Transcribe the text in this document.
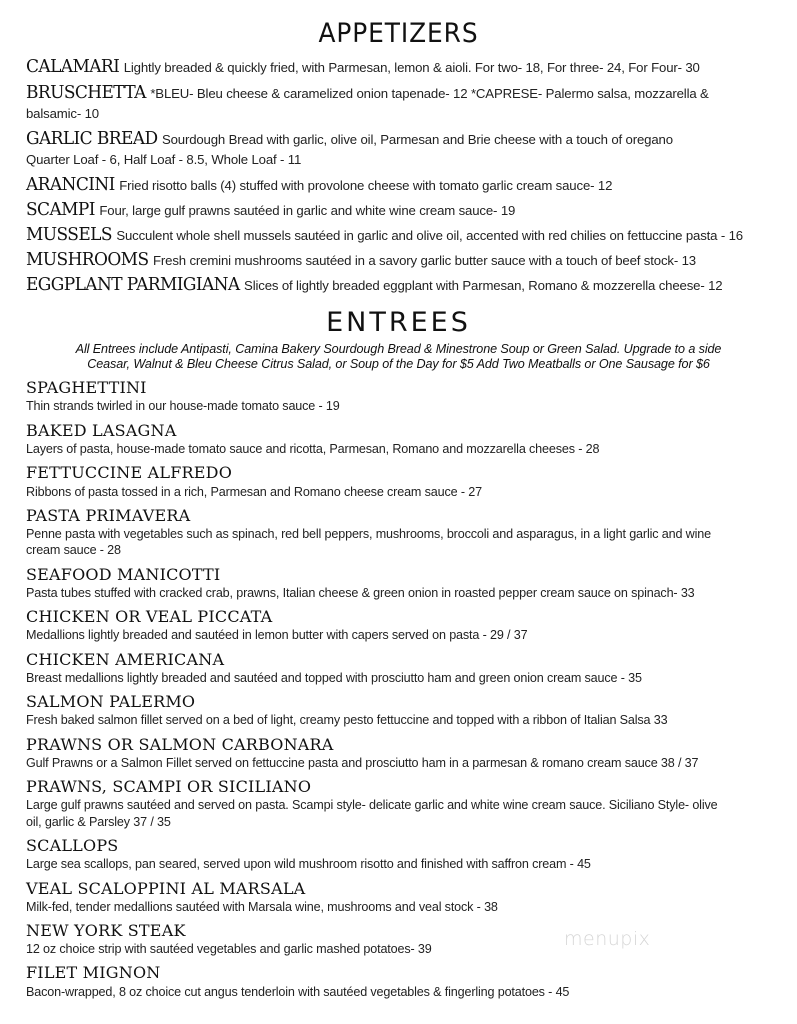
APPETIZERS
CALAMARI Lightly breaded & quickly fried, with Parmesan, lemon & aioli. For two- 18, For three- 24, For Four- 30
BRUSCHETTA *BLEU- Bleu cheese & caramelized onion tapenade- 12 *CAPRESE- Palermo salsa, mozzarella &
balsamic- 10
GARLIC BREAD Sourdough Bread with garlic, olive oil, Parmesan and Brie cheese with a touch of oregano
Quarter Loaf - 6, Half Loaf - 8.5, Whole Loaf - 11
ARANCINI Fried risotto balls (4) stuffed with provolone cheese with tomato garlic cream sauce- 12
SCAMPI Four, large gulf prawns sautéed in garlic and white wine cream sauce- 19
MUSSELS Succulent whole shell mussels sautéed in garlic and olive oil, accented with red chilies on fettuccine pasta - 16
MUSHROOMS Fresh cremini mushrooms sautéed in a savory garlic butter sauce with a touch of beef stock- 13
EGGPLANT PARMIGIANA Slices of lightly breaded eggplant with Parmesan, Romano & mozzerella cheese- 12
ENTREES
All Entrees include Antipasti, Camina Bakery Sourdough Bread & Minestrone Soup or Green Salad. Upgrade to a side
Ceasar, Walnut & Bleu Cheese Citrus Salad, or Soup of the Day for $5 Add Two Meatballs or One Sausage for $6
SPAGHETTINI
Thin strands twirled in our house-made tomato sauce - 19
BAKED LASAGNA
Layers of pasta, house-made tomato sauce and ricotta, Parmesan, Romano and mozzarella cheeses - 28
FETTUCCINE ALFREDO
Ribbons of pasta tossed in a rich, Parmesan and Romano cheese cream sauce - 27
PASTA PRIMAVERA
Penne pasta with vegetables such as spinach, red bell peppers, mushrooms, broccoli and asparagus, in a light garlic and wine
cream sauce - 28
SEAFOOD MANICOTTI
Pasta tubes stuffed with cracked crab, prawns, Italian cheese & green onion in roasted pepper cream sauce on spinach- 33
CHICKEN OR VEAL PICCATA
Medallions lightly breaded and sautéed in lemon butter with capers served on pasta - 29 / 37
CHICKEN AMERICANA
Breast medallions lightly breaded and sautéed and topped with prosciutto ham and green onion cream sauce - 35
SALMON PALERMO
Fresh baked salmon fillet served on a bed of light, creamy pesto fettuccine and topped with a ribbon of Italian Salsa 33
PRAWNS OR SALMON CARBONARA
Gulf Prawns or a Salmon Fillet served on fettuccine pasta and prosciutto ham in a parmesan & romano cream sauce 38 / 37
PRAWNS, SCAMPI OR SICILIANO
Large gulf prawns sautéed and served on pasta. Scampi style- delicate garlic and white wine cream sauce. Siciliano Style- olive
oil, garlic & Parsley 37 / 35
SCALLOPS
Large sea scallops, pan seared, served upon wild mushroom risotto and finished with saffron cream - 45
VEAL SCALOPPINI AL MARSALA
Milk-fed, tender medallions sautéed with Marsala wine, mushrooms and veal stock - 38
NEW YORK STEAK
12 oz choice strip with sautéed vegetables and garlic mashed potatoes- 39
FILET MIGNON
Bacon-wrapped, 8 oz choice cut angus tenderloin with sautéed vegetables & fingerling potatoes - 45
menupix
